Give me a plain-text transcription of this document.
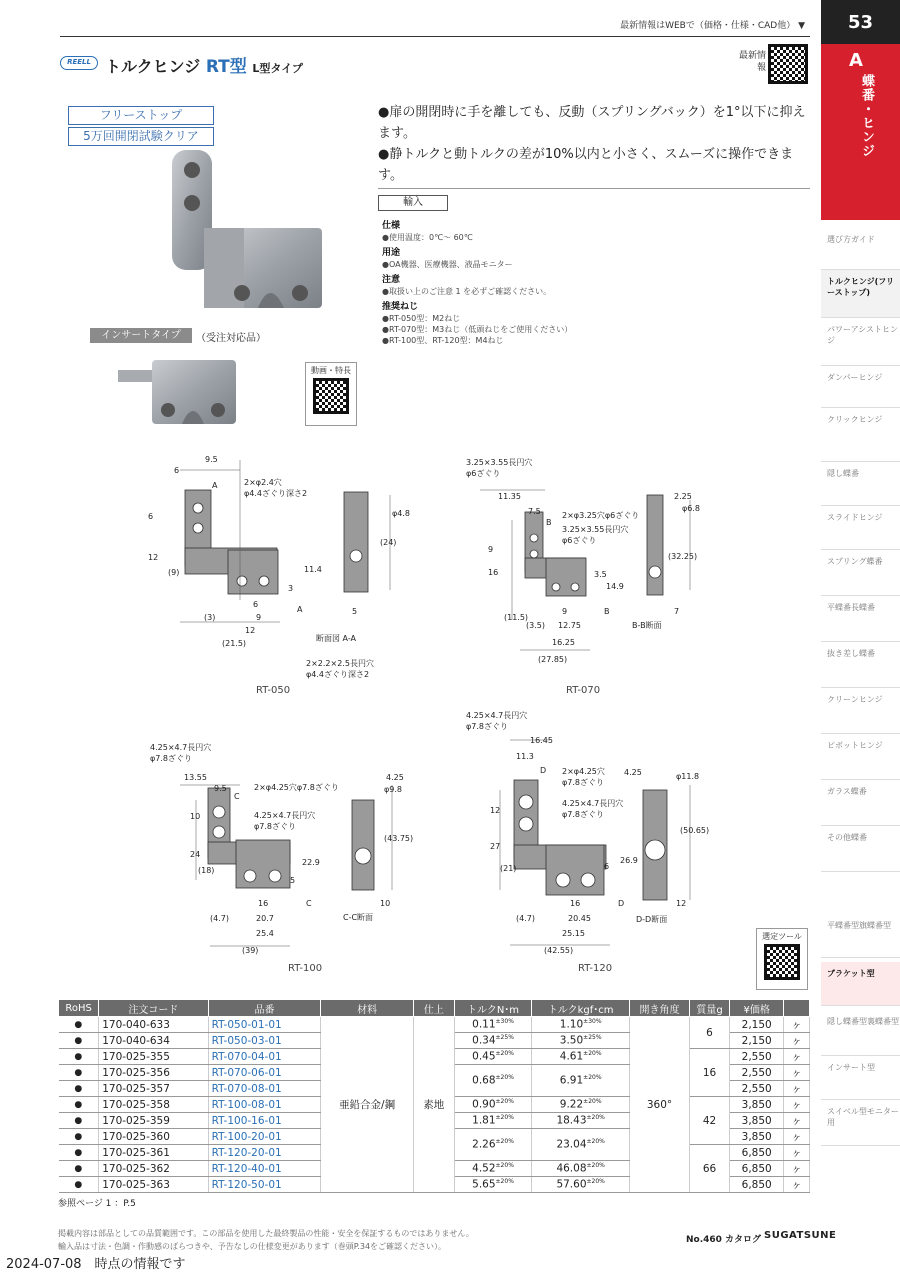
最新情報はWEBで（価格・仕様・CAD他） ▼	53
A
蝶番・ヒンジ
選び方ガイド
トルクヒンジ(フリーストップ)
パワーアシストヒンジ
ダンパーヒンジ
クリックヒンジ
隠し蝶番
スライドヒンジ
スプリング蝶番
平蝶番長蝶番
抜き差し蝶番
クリーンヒンジ
ピボットヒンジ
ガラス蝶番
その他蝶番
平蝶番型旗蝶番型
ブラケット型
隠し蝶番型裏蝶番型
インサート型
スイベル型モニター用
REELL トルクヒンジ RT型 L型タイプ
最新情報
フリーストップ
5万回開閉試験クリア
インサートタイプ	（受注対応品）
動画・特長
●扉の開閉時に手を離しても、反動（スプリングバック）を1°以下に抑えます。
●静トルクと動トルクの差が10%以内と小さく、スムーズに操作できます。
輸入
仕様
●使用温度：0℃～ 60℃
用途
●OA機器、医療機器、液晶モニター
注意
●取扱い上のご注意 1 を必ずご確認ください。
推奨ねじ
●RT-050型：M2ねじ
●RT-070型：M3ねじ（低頭ねじをご使用ください）
●RT-100型、RT-120型：M4ねじ
RT-050	RT-070
RT-100	RT-120
断面図 A-A
B-B断面
C-C断面	D-D断面
2×φ2.4穴
φ4.4ざぐり深さ2
2×2.2×2.5長円穴
φ4.4ざぐり深さ2
9.5
6
A
6
12
(9)	11.4
3
A
6
(3)	9
12
(21.5)
φ4.8
(24)
5
3.25×3.55長円穴
φ6ざぐり
2×φ3.25穴φ6ざぐり
3.25×3.55長円穴
φ6ざぐり
11.35
7.5
B
9
16	3.5
14.9
(11.5)
(3.5)
9
12.75
16.25
(27.85)
B
2.25
φ6.8
(32.25)
7
4.25×4.7長円穴
φ7.8ざぐり
2×φ4.25穴φ7.8ざぐり
4.25×4.7長円穴
φ7.8ざぐり
13.55
9.5
C
10
24
(18)
22.9
5
16	C
(4.7)	20.7
25.4
(39)
4.25
φ9.8
(43.75)
10
4.25×4.7長円穴
φ7.8ざぐり
2×φ4.25穴
φ7.8ざぐり
4.25×4.7長円穴
φ7.8ざぐり
16.45
11.3
D
12
27
(21)
26.9
6
16	D
(4.7)	20.45
25.15
(42.55)
4.25	φ11.8
(50.65)
12
選定ツール
RoHS	注文コード	品番	材料	仕上	トルクN･m	トルクkgf･cm	開き角度	質量g	¥価格	
●	170-040-633	RT-050-01-01	亜鉛合金/鋼	素地	$0.11^{\pm 30\%}$	$1.10^{\pm 30\%}$	360°	6	2,150	ヶ
●	170-040-634	RT-050-03-01			$0.34^{\pm 25\%}$	$3.50^{\pm 25\%}$			2,150	ヶ
●	170-025-355	RT-070-04-01			$0.45^{\pm 20\%}$	$4.61^{\pm 20\%}$		16	2,550	ヶ
●	170-025-356	RT-070-06-01			$0.68^{\pm 20\%}$	$6.91^{\pm 20\%}$			2,550	ヶ
●	170-025-357	RT-070-08-01							2,550	ヶ
●	170-025-358	RT-100-08-01			$0.90^{\pm 20\%}$	$9.22^{\pm 20\%}$		42	3,850	ヶ
●	170-025-359	RT-100-16-01			$1.81^{\pm 20\%}$	$18.43^{\pm 20\%}$			3,850	ヶ
●	170-025-360	RT-100-20-01			$2.26^{\pm 20\%}$	$23.04^{\pm 20\%}$			3,850	ヶ
●	170-025-361	RT-120-20-01						66	6,850	ヶ
●	170-025-362	RT-120-40-01			$4.52^{\pm 20\%}$	$46.08^{\pm 20\%}$			6,850	ヶ
●	170-025-363	RT-120-50-01			$5.65^{\pm 20\%}$	$57.60^{\pm 20\%}$			6,850	ヶ
参照ページ 1 ：P.5
掲載内容は部品としての品質範囲です。この部品を使用した最終製品の性能・安全を保証するものではありません。
輸入品は寸法・色調・作動感のばらつきや、予告なしの仕様変更があります（巻頭P.34をご確認ください）。
No.460 カタログ SUGATSUNE
2024-07-08　時点の情報です
